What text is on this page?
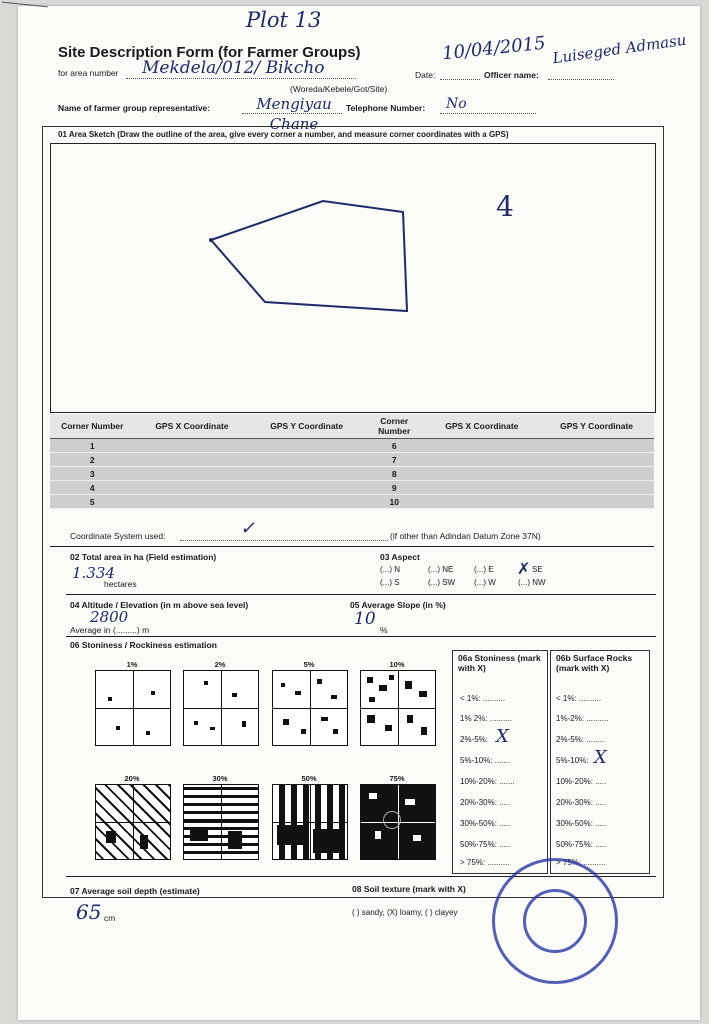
Plot 13
Site Description Form (for Farmer Groups)
for area number Mekdela/012/ Bikcho	Date:
10/04/2015
Officer name:
Luiseged Admasu
(Woreda/Kebele/Got/Site)
Name of farmer group representative:	Mengiyau Chane
Telephone Number: No
01 Area Sketch (Draw the outline of the area, give every corner a number, and measure corner coordinates with a GPS)
4
Corner Number	GPS X Coordinate	GPS Y Coordinate	Corner Number	GPS X Coordinate	GPS Y Coordinate
1			6		
2			7		
3			8		
4			9		
5			10		
Coordinate System used:	✓	(if other than Adindan Datum Zone 37N)
02 Total area in ha (Field estimation)
1.334
hectares
03 Aspect
(...) N	(...) NE	(...) E	SE
✗
(...) S	(...) SW (...) W	(...) NW
04 Altitude / Elevation (in m above sea level)
2800
Average in (.........) m
05 Average Slope (in %)
10
%
06 Stoniness / Rockiness estimation
1%	2%	5%	10%
20%	30%	50%	75%
06a Stoniness (mark with X)
06b Surface Rocks (mark with X)
< 1%: ..........
1% 2%: ..........
2%-5%: X
5%-10%: .......
10%-20%: .......
20%-30%: .....
30%-50%: .....
50%-75%: .....
> 75%: ..........
< 1%: ..........
1%-2%: ..........
2%-5%: ........
5%-10%: X
10%-20%: .....
20%-30%: .....
30%-50%: .....
50%-75%: .....
> 75%: ..........
07 Average soil depth (estimate)
65 cm
08 Soil texture (mark with X)
( ) sandy, (X) loamy, ( ) clayey
